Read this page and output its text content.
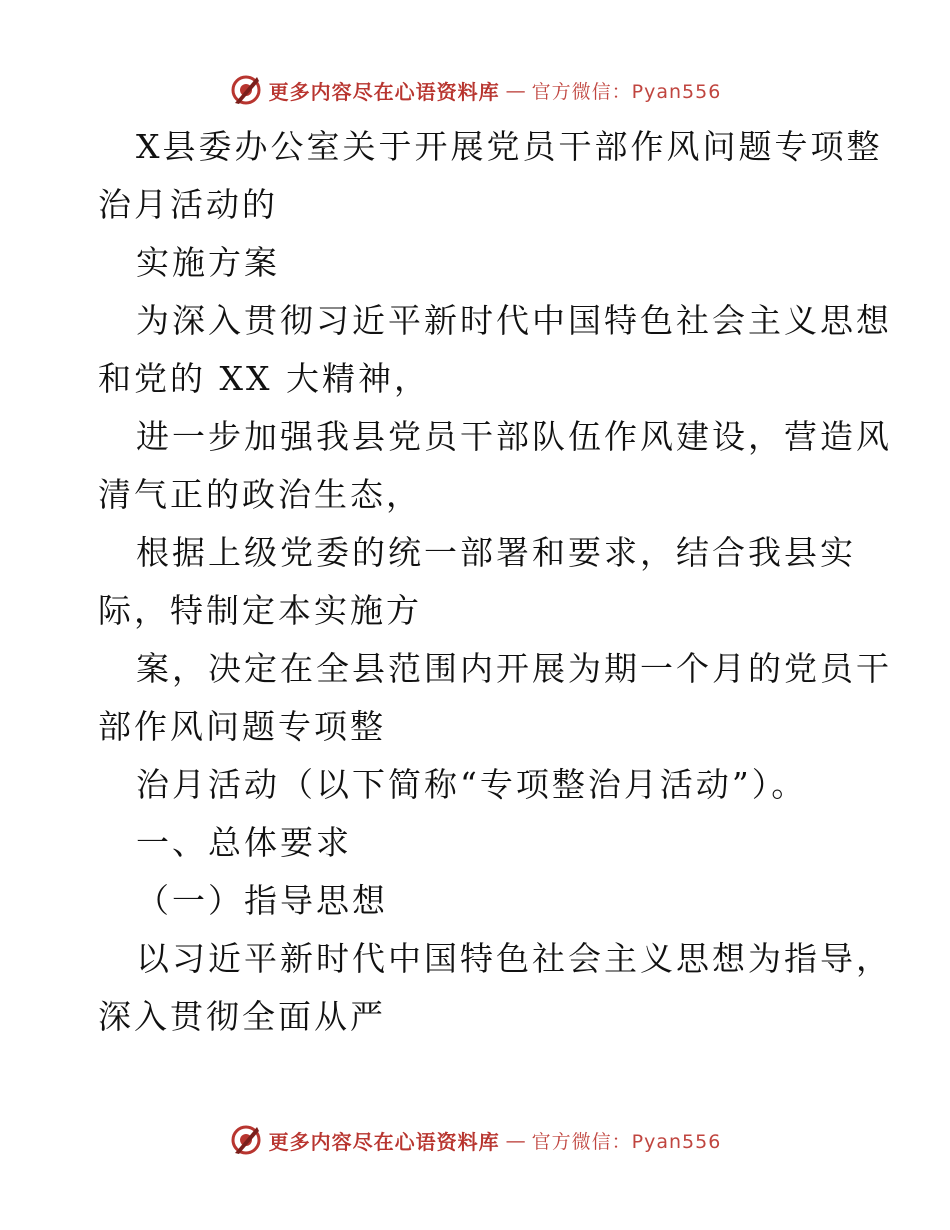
更多内容尽在心语资料库 — 官方微信：Pyan556
X县委办公室关于开展党员干部作风问题专项整
治月活动的
实施方案
为深入贯彻习近平新时代中国特色社会主义思想
和党的 XX 大精神，
进一步加强我县党员干部队伍作风建设，营造风
清气正的政治生态，
根据上级党委的统一部署和要求，结合我县实
际，特制定本实施方
案，决定在全县范围内开展为期一个月的党员干
部作风问题专项整
治月活动（以下简称“专项整治月活动”）。
一、总体要求
（一）指导思想
以习近平新时代中国特色社会主义思想为指导，
深入贯彻全面从严
更多内容尽在心语资料库 — 官方微信：Pyan556
